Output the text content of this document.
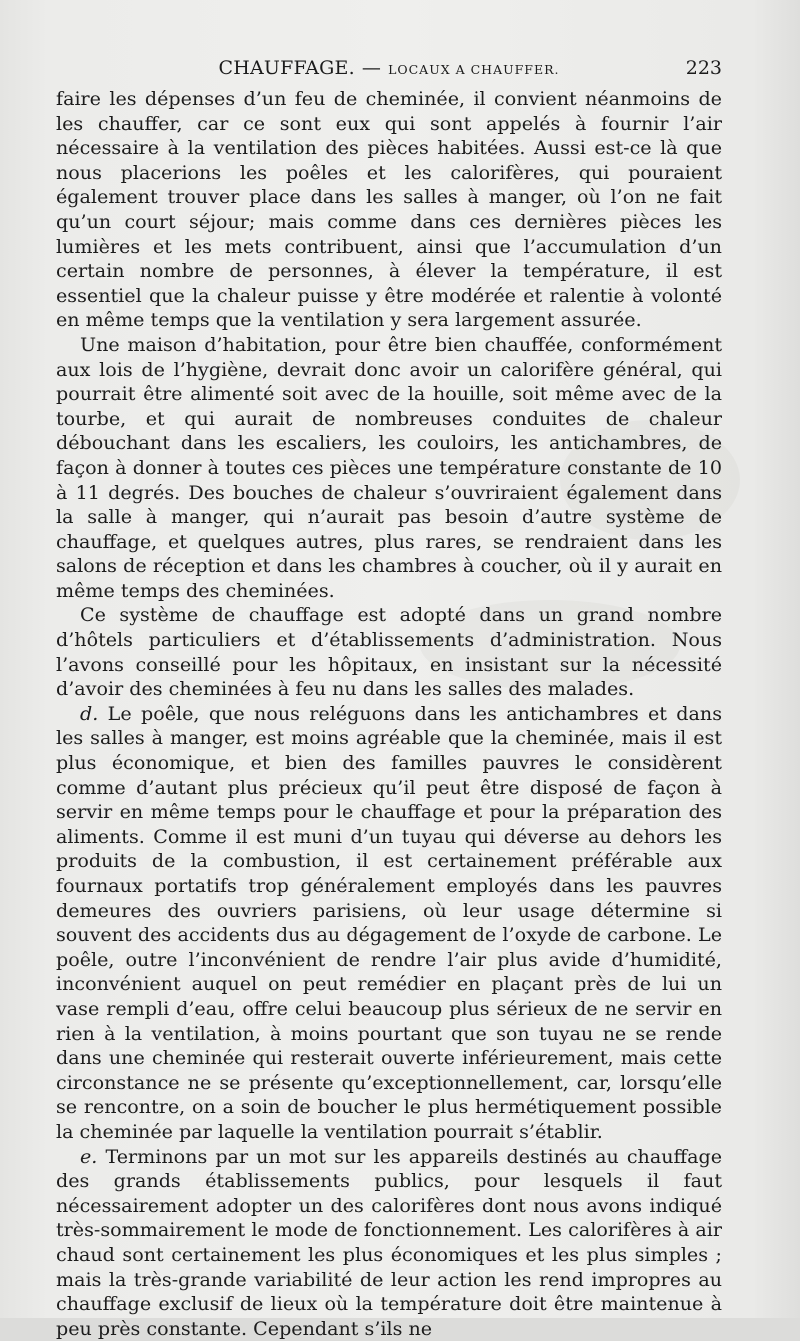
CHAUFFAGE. — LOCAUX A CHAUFFER.	223

faire les dépenses d’un feu de cheminée, il convient néanmoins de les chauffer, car ce sont eux qui sont appelés à fournir l’air nécessaire à la ventilation des pièces habitées. Aussi est-ce là que nous placerions les poêles et les calorifères, qui pouraient également trouver place dans les salles à manger, où l’on ne fait qu’un court séjour; mais comme dans ces dernières pièces les lumières et les mets contribuent, ainsi que l’accumulation d’un certain nombre de personnes, à élever la température, il est essentiel que la chaleur puisse y être modérée et ralentie à volonté en même temps que la ventilation y sera largement assurée.

Une maison d’habitation, pour être bien chauffée, conformément aux lois de l’hygiène, devrait donc avoir un calorifère général, qui pourrait être alimenté soit avec de la houille, soit même avec de la tourbe, et qui aurait de nombreuses conduites de chaleur débouchant dans les escaliers, les couloirs, les antichambres, de façon à donner à toutes ces pièces une température constante de 10 à 11 degrés. Des bouches de chaleur s’ouvriraient également dans la salle à manger, qui n’aurait pas besoin d’autre système de chauffage, et quelques autres, plus rares, se rendraient dans les salons de réception et dans les chambres à coucher, où il y aurait en même temps des cheminées.

Ce système de chauffage est adopté dans un grand nombre d’hôtels particuliers et d’établissements d’administration. Nous l’avons conseillé pour les hôpitaux, en insistant sur la nécessité d’avoir des cheminées à feu nu dans les salles des malades.

d. Le poêle, que nous reléguons dans les antichambres et dans les salles à manger, est moins agréable que la cheminée, mais il est plus économique, et bien des familles pauvres le considèrent comme d’autant plus précieux qu’il peut être disposé de façon à servir en même temps pour le chauffage et pour la préparation des aliments. Comme il est muni d’un tuyau qui déverse au dehors les produits de la combustion, il est certainement préférable aux fournaux portatifs trop généralement employés dans les pauvres demeures des ouvriers parisiens, où leur usage détermine si souvent des accidents dus au dégagement de l’oxyde de carbone. Le poêle, outre l’inconvénient de rendre l’air plus avide d’humidité, inconvénient auquel on peut remédier en plaçant près de lui un vase rempli d’eau, offre celui beaucoup plus sérieux de ne servir en rien à la ventilation, à moins pourtant que son tuyau ne se rende dans une cheminée qui resterait ouverte inférieurement, mais cette circonstance ne se présente qu’exceptionnellement, car, lorsqu’elle se rencontre, on a soin de boucher le plus hermétiquement possible la cheminée par laquelle la ventilation pourrait s’établir.

e. Terminons par un mot sur les appareils destinés au chauffage des grands établissements publics, pour lesquels il faut nécessairement adopter un des calorifères dont nous avons indiqué très-sommairement le mode de fonctionnement. Les calorifères à air chaud sont certainement les plus économiques et les plus simples ; mais la très-grande variabilité de leur action les rend impropres au chauffage exclusif de lieux où la température doit être maintenue à peu près constante. Cependant s’ils ne
